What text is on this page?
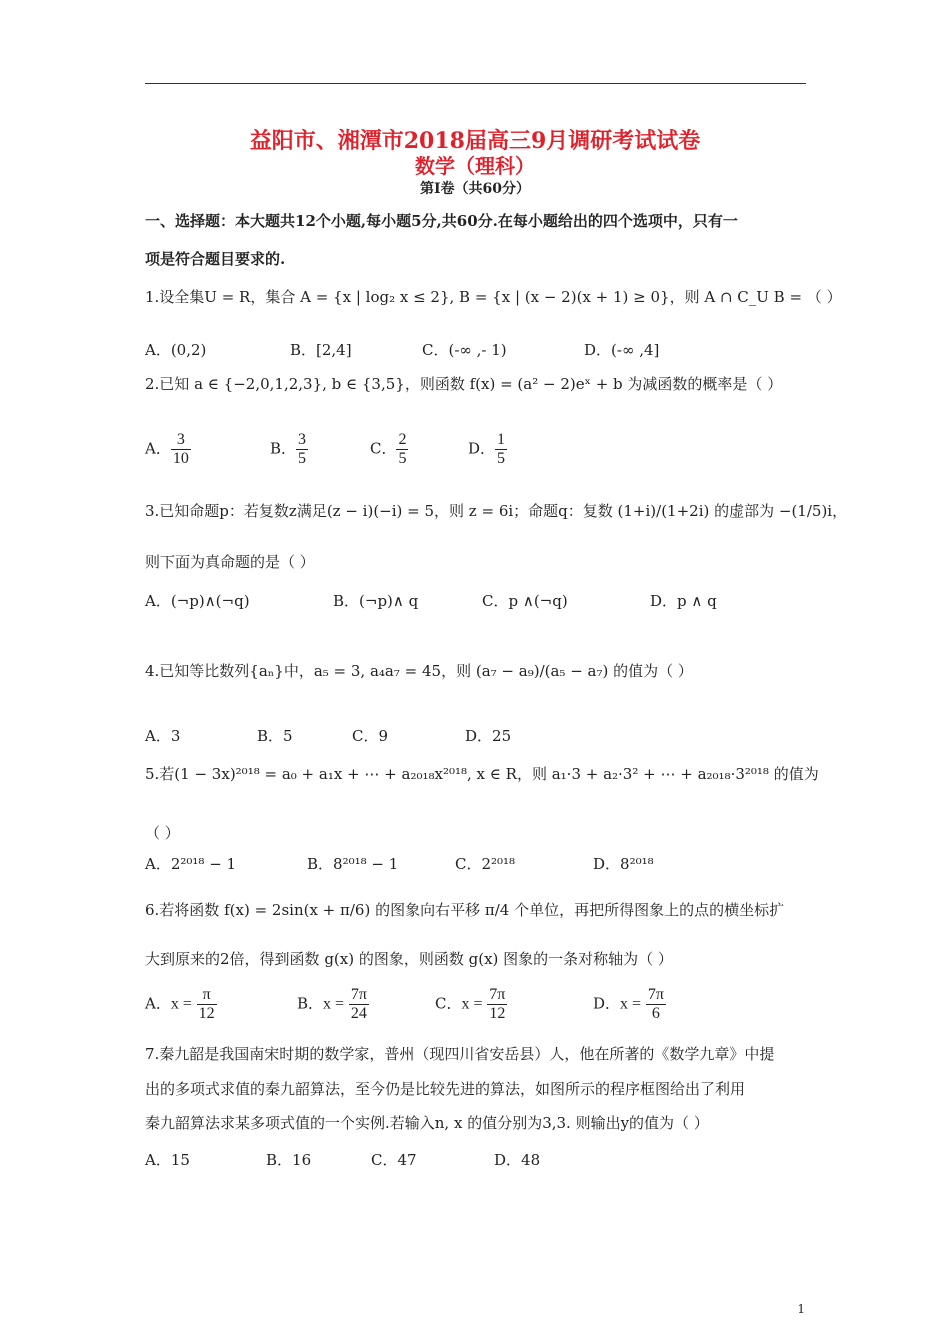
益阳市、湘潭市2018届高三9月调研考试试卷
数学（理科）
第Ⅰ卷（共60分）
一、选择题：本大题共12个小题,每小题5分,共60分.在每小题给出的四个选项中，只有一
项是符合题目要求的.
1.设全集U = R，集合 A = {x | log₂ x ≤ 2}, B = {x | (x − 2)(x + 1) ≥ 0}，则 A ∩ C_U B = （ ）
A．(0,2)	B．[2,4]	C．(-∞ ,- 1)	D．(-∞ ,4]
2.已知 a ∈ {−2,0,1,2,3}, b ∈ {3,5}，则函数 f(x) = (a² − 2)eˣ + b 为减函数的概率是（ ）
A． $\frac{3}{10}$	B． $\frac{3}{5}$	C． $\frac{2}{5}$	D． $\frac{1}{5}$
3.已知命题p：若复数z满足(z − i)(−i) = 5，则 z = 6i；命题q：复数 (1+i)/(1+2i) 的虚部为 −(1/5)i，
则下面为真命题的是（ ）
A．(¬p)∧(¬q)	B．(¬p)∧ q	C．p ∧(¬q)	D．p ∧ q
4.已知等比数列{aₙ}中，a₅ = 3, a₄a₇ = 45，则 (a₇ − a₉)/(a₅ − a₇) 的值为（ ）
A．3	B．5	C．9	D．25
5.若(1 − 3x)²⁰¹⁸ = a₀ + a₁x + ⋯ + a₂₀₁₈x²⁰¹⁸, x ∈ R，则 a₁·3 + a₂·3² + ⋯ + a₂₀₁₈·3²⁰¹⁸ 的值为
（ ）
A．2²⁰¹⁸ − 1	B．8²⁰¹⁸ − 1	C．2²⁰¹⁸	D．8²⁰¹⁸
6.若将函数 f(x) = 2sin(x + π/6) 的图象向右平移 π/4 个单位，再把所得图象上的点的横坐标扩
大到原来的2倍，得到函数 g(x) 的图象，则函数 g(x) 图象的一条对称轴为（ ）
A．$x = \frac{\pi}{12}$	B．$x = \frac{7\pi}{24}$	C．$x = \frac{7\pi}{12}$	D．$x = \frac{7\pi}{6}$
7.秦九韶是我国南宋时期的数学家，普州（现四川省安岳县）人，他在所著的《数学九章》中提
出的多项式求值的秦九韶算法，至今仍是比较先进的算法，如图所示的程序框图给出了利用
秦九韶算法求某多项式值的一个实例.若输入n, x 的值分别为3,3. 则输出y的值为（ ）
A．15	B．16	C．47	D．48
1
